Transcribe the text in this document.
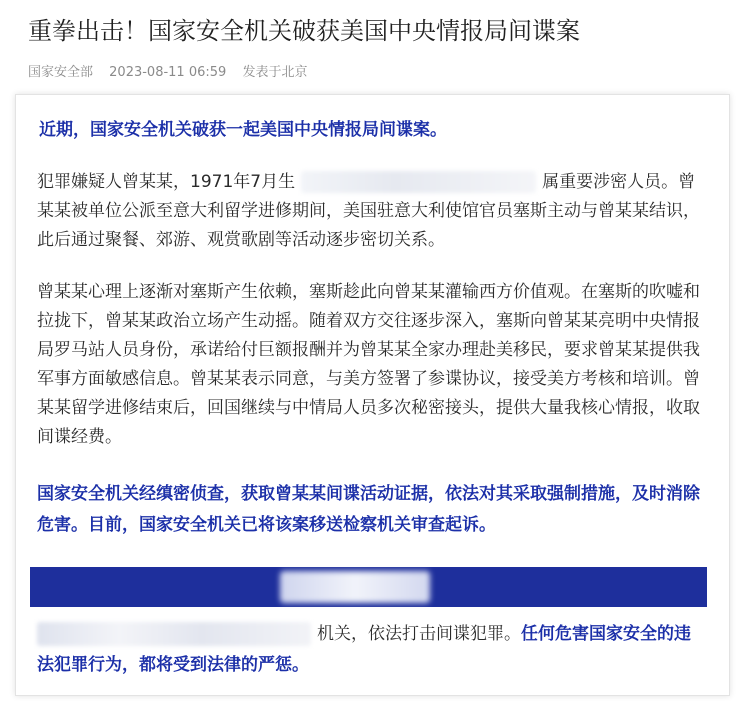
重拳出击！国家安全机关破获美国中央情报局间谍案
国家安全部 2023-08-11 06:59 发表于北京
近期，国家安全机关破获一起美国中央情报局间谍案。
犯罪嫌疑人曾某某，1971年7月生	属重要涉密人员。曾某某被单位公派至意大利留学进修期间，美国驻意大利使馆官员塞斯主动与曾某某结识，此后通过聚餐、郊游、观赏歌剧等活动逐步密切关系。
曾某某心理上逐渐对塞斯产生依赖，塞斯趁此向曾某某灌输西方价值观。在塞斯的吹嘘和拉拢下，曾某某政治立场产生动摇。随着双方交往逐步深入，塞斯向曾某某亮明中央情报局罗马站人员身份，承诺给付巨额报酬并为曾某某全家办理赴美移民，要求曾某某提供我军事方面敏感信息。曾某某表示同意，与美方签署了参谍协议，接受美方考核和培训。曾某某留学进修结束后，回国继续与中情局人员多次秘密接头，提供大量我核心情报，收取间谍经费。
国家安全机关经缜密侦查，获取曾某某间谍活动证据，依法对其采取强制措施，及时消除危害。目前，国家安全机关已将该案移送检察机关审查起诉。
机关，依法打击间谍犯罪。任何危害国家安全的违法犯罪行为，都将受到法律的严惩。
